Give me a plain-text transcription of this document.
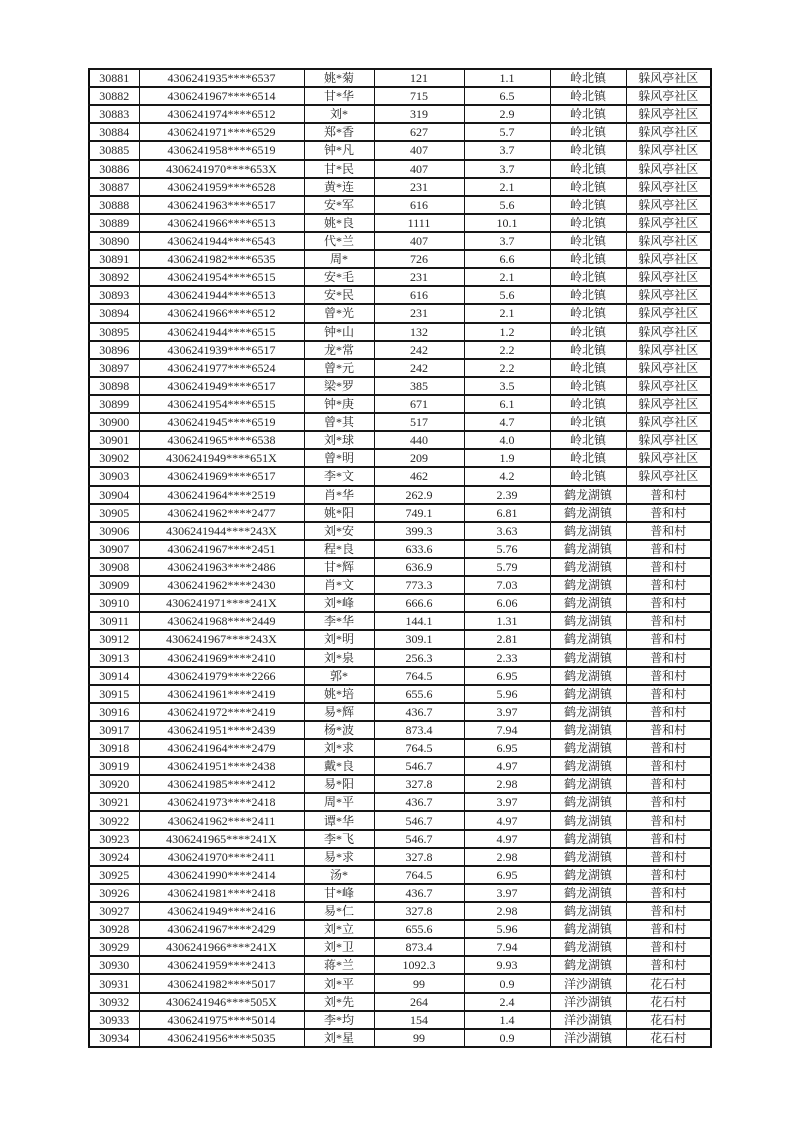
30881	4306241935****6537	姚*菊	121	1.1	岭北镇	躲风亭社区
30882	4306241967****6514	甘*华	715	6.5	岭北镇	躲风亭社区
30883	4306241974****6512	刘*	319	2.9	岭北镇	躲风亭社区
30884	4306241971****6529	郑*香	627	5.7	岭北镇	躲风亭社区
30885	4306241958****6519	钟*凡	407	3.7	岭北镇	躲风亭社区
30886	4306241970****653X	甘*民	407	3.7	岭北镇	躲风亭社区
30887	4306241959****6528	黄*连	231	2.1	岭北镇	躲风亭社区
30888	4306241963****6517	安*军	616	5.6	岭北镇	躲风亭社区
30889	4306241966****6513	姚*良	1111	10.1	岭北镇	躲风亭社区
30890	4306241944****6543	代*兰	407	3.7	岭北镇	躲风亭社区
30891	4306241982****6535	周*	726	6.6	岭北镇	躲风亭社区
30892	4306241954****6515	安*毛	231	2.1	岭北镇	躲风亭社区
30893	4306241944****6513	安*民	616	5.6	岭北镇	躲风亭社区
30894	4306241966****6512	曾*光	231	2.1	岭北镇	躲风亭社区
30895	4306241944****6515	钟*山	132	1.2	岭北镇	躲风亭社区
30896	4306241939****6517	龙*常	242	2.2	岭北镇	躲风亭社区
30897	4306241977****6524	曾*元	242	2.2	岭北镇	躲风亭社区
30898	4306241949****6517	梁*罗	385	3.5	岭北镇	躲风亭社区
30899	4306241954****6515	钟*庚	671	6.1	岭北镇	躲风亭社区
30900	4306241945****6519	曾*其	517	4.7	岭北镇	躲风亭社区
30901	4306241965****6538	刘*球	440	4.0	岭北镇	躲风亭社区
30902	4306241949****651X	曾*明	209	1.9	岭北镇	躲风亭社区
30903	4306241969****6517	李*文	462	4.2	岭北镇	躲风亭社区
30904	4306241964****2519	肖*华	262.9	2.39	鹤龙湖镇	普和村
30905	4306241962****2477	姚*阳	749.1	6.81	鹤龙湖镇	普和村
30906	4306241944****243X	刘*安	399.3	3.63	鹤龙湖镇	普和村
30907	4306241967****2451	程*良	633.6	5.76	鹤龙湖镇	普和村
30908	4306241963****2486	甘*辉	636.9	5.79	鹤龙湖镇	普和村
30909	4306241962****2430	肖*文	773.3	7.03	鹤龙湖镇	普和村
30910	4306241971****241X	刘*峰	666.6	6.06	鹤龙湖镇	普和村
30911	4306241968****2449	李*华	144.1	1.31	鹤龙湖镇	普和村
30912	4306241967****243X	刘*明	309.1	2.81	鹤龙湖镇	普和村
30913	4306241969****2410	刘*泉	256.3	2.33	鹤龙湖镇	普和村
30914	4306241979****2266	郭*	764.5	6.95	鹤龙湖镇	普和村
30915	4306241961****2419	姚*培	655.6	5.96	鹤龙湖镇	普和村
30916	4306241972****2419	易*辉	436.7	3.97	鹤龙湖镇	普和村
30917	4306241951****2439	杨*波	873.4	7.94	鹤龙湖镇	普和村
30918	4306241964****2479	刘*求	764.5	6.95	鹤龙湖镇	普和村
30919	4306241951****2438	戴*良	546.7	4.97	鹤龙湖镇	普和村
30920	4306241985****2412	易*阳	327.8	2.98	鹤龙湖镇	普和村
30921	4306241973****2418	周*平	436.7	3.97	鹤龙湖镇	普和村
30922	4306241962****2411	谭*华	546.7	4.97	鹤龙湖镇	普和村
30923	4306241965****241X	李*飞	546.7	4.97	鹤龙湖镇	普和村
30924	4306241970****2411	易*求	327.8	2.98	鹤龙湖镇	普和村
30925	4306241990****2414	汤*	764.5	6.95	鹤龙湖镇	普和村
30926	4306241981****2418	甘*峰	436.7	3.97	鹤龙湖镇	普和村
30927	4306241949****2416	易*仁	327.8	2.98	鹤龙湖镇	普和村
30928	4306241967****2429	刘*立	655.6	5.96	鹤龙湖镇	普和村
30929	4306241966****241X	刘*卫	873.4	7.94	鹤龙湖镇	普和村
30930	4306241959****2413	蒋*兰	1092.3	9.93	鹤龙湖镇	普和村
30931	4306241982****5017	刘*平	99	0.9	洋沙湖镇	花石村
30932	4306241946****505X	刘*先	264	2.4	洋沙湖镇	花石村
30933	4306241975****5014	李*均	154	1.4	洋沙湖镇	花石村
30934	4306241956****5035	刘*星	99	0.9	洋沙湖镇	花石村
